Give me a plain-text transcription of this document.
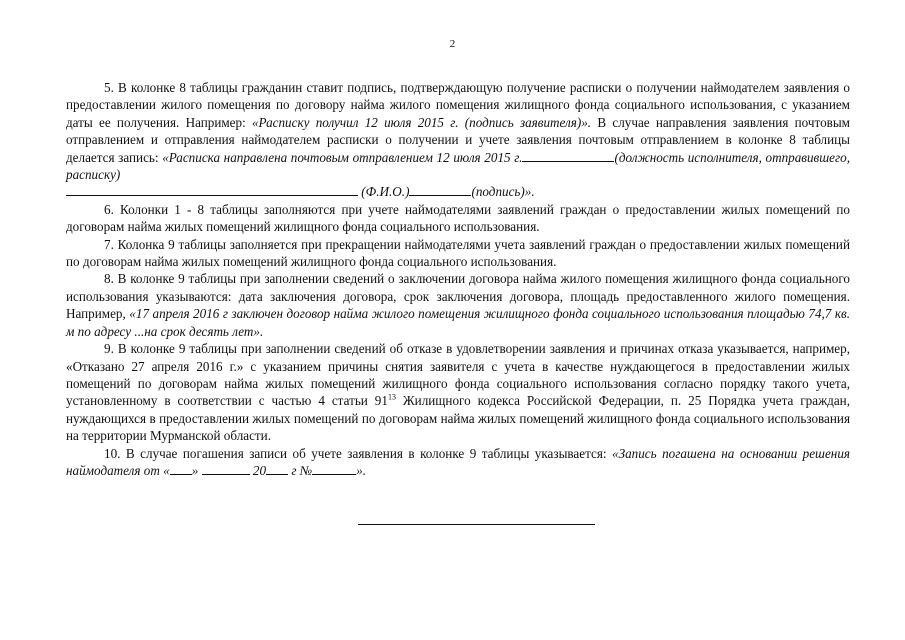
2

5. В колонке 8 таблицы гражданин ставит подпись, подтверждающую получение расписки о получении наймодателем заявления о предоставлении жилого помещения по договору найма жилого помещения жилищного фонда социального использования, с указанием даты ее получения. Например: «Расписку получил 12 июля 2015 г. (подпись заявителя)». В случае направления заявления почтовым отправлением и отправления наймодателем расписки о получении и учете заявления почтовым отправлением в колонке 8 таблицы делается запись: «Расписка направлена почтовым отправлением 12 июля 2015 г.	(должность исполнителя, отправившего, расписку)

(Ф.И.О.)	(подпись)».

6. Колонки 1 - 8 таблицы заполняются при учете наймодателями заявлений граждан о предоставлении жилых помещений по договорам найма жилых помещений жилищного фонда социального использования.

7. Колонка 9 таблицы заполняется при прекращении наймодателями учета заявлений граждан о предоставлении жилых помещений по договорам найма жилых помещений жилищного фонда социального использования.

8. В колонке 9 таблицы при заполнении сведений о заключении договора найма жилого помещения жилищного фонда социального использования указываются: дата заключения договора, срок заключения договора, площадь предоставленного жилого помещения. Например, «17 апреля 2016 г заключен договор найма жилого помещения жилищного фонда социального использования площадью 74,7 кв. м по адресу ...на срок десять лет».

9. В колонке 9 таблицы при заполнении сведений об отказе в удовлетворении заявления и причинах отказа указывается, например, «Отказано 27 апреля 2016 г.» с указанием причины снятия заявителя с учета в качестве нуждающегося в предоставлении жилых помещений по договорам найма жилых помещений жилищного фонда социального использования согласно порядку такого учета, установленному в соответствии с частью 4 статьи $91^{13}$ Жилищного кодекса Российской Федерации, п. 25 Порядка учета граждан, нуждающихся в предоставлении жилых помещений по договорам найма жилых помещений жилищного фонда социального использования на территории Мурманской области.

10. В случае погашения записи об учете заявления в колонке 9 таблицы указывается: «Запись погашена на основании решения наймодателя от « »	20 г №	».
